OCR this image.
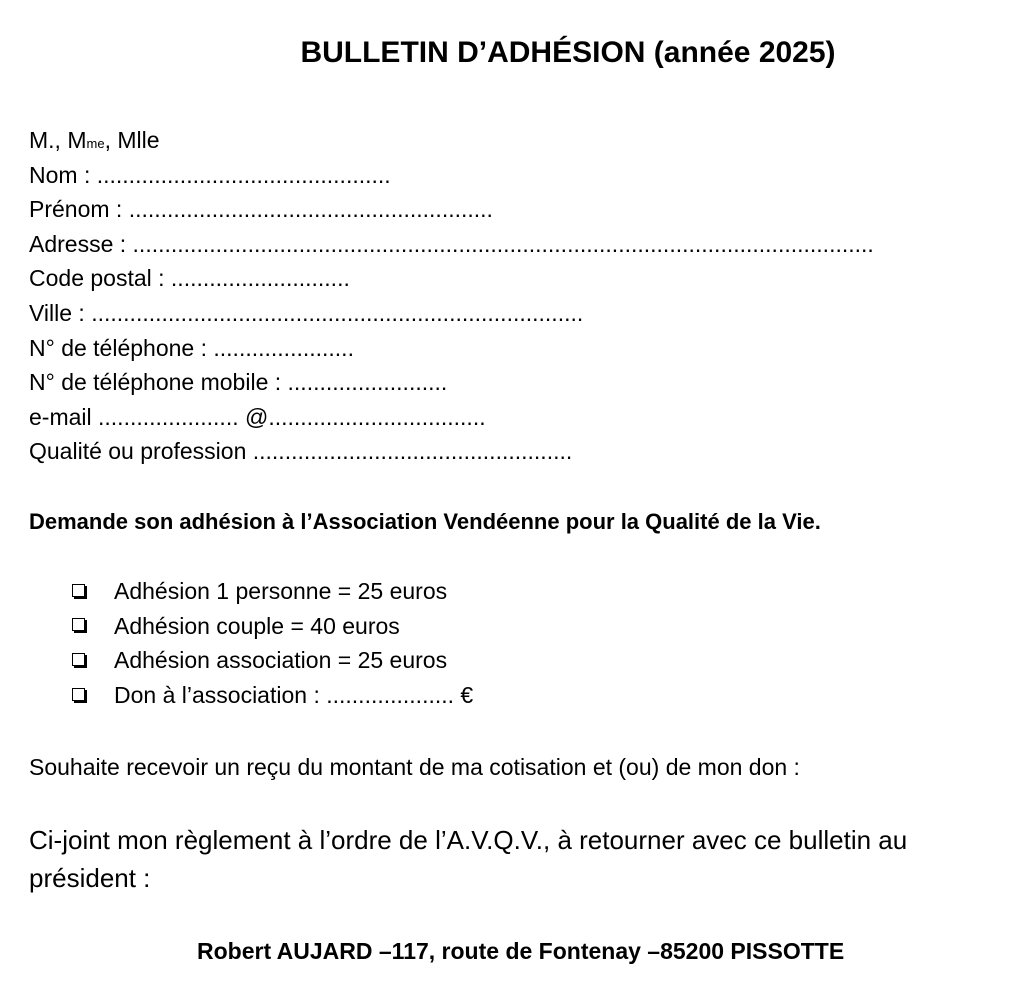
BULLETIN D’ADHÉSION (année 2025)
M., Mme, Mlle
Nom : ..............................................
Prénom : .........................................................
Adresse : ....................................................................................................................
Code postal : ............................
Ville : .............................................................................
N° de téléphone : ......................
N° de téléphone mobile : .........................
e-mail ...................... @..................................
Qualité ou profession ..................................................
Demande son adhésion à l’Association Vendéenne pour la Qualité de la Vie.
Adhésion 1 personne = 25 euros
Adhésion couple = 40 euros
Adhésion association = 25 euros
Don à l’association : .................... €
Souhaite recevoir un reçu du montant de ma cotisation et (ou) de mon don :
Ci-joint mon règlement à l’ordre de l’A.V.Q.V., à retourner avec ce bulletin au président :
Robert AUJARD –117, route de Fontenay –85200 PISSOTTE
